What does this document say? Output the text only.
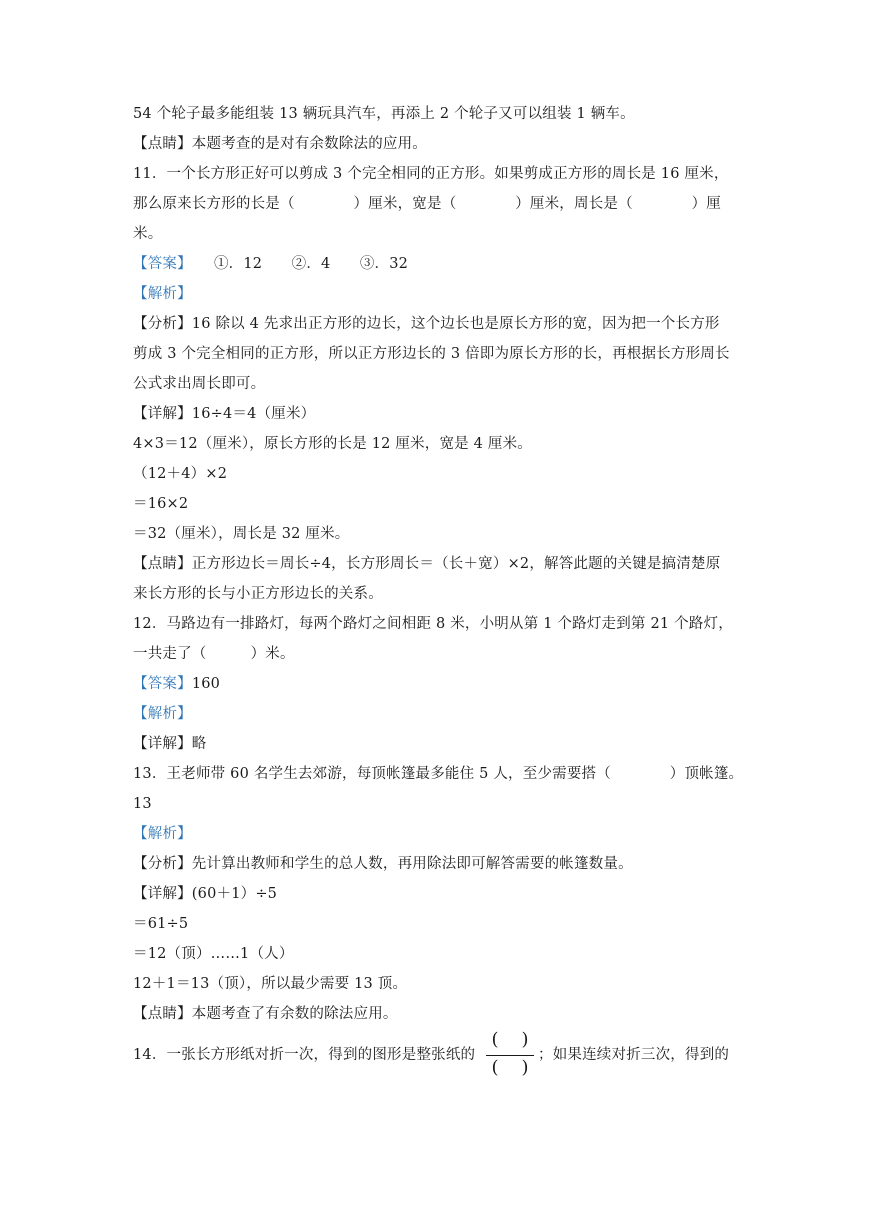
54 个轮子最多能组装 13 辆玩具汽车，再添上 2 个轮子又可以组装 1 辆车。
【点睛】本题考查的是对有余数除法的应用。
11．一个长方形正好可以剪成 3 个完全相同的正方形。如果剪成正方形的周长是 16 厘米，
那么原来长方形的长是（　　　　）厘米，宽是（　　　　）厘米，周长是（　　　　）厘
米。
【答案】　　①．12　　②．4　　③．32
【解析】
【分析】16 除以 4 先求出正方形的边长，这个边长也是原长方形的宽，因为把一个长方形
剪成 3 个完全相同的正方形，所以正方形边长的 3 倍即为原长方形的长，再根据长方形周长
公式求出周长即可。
【详解】16÷4＝4（厘米）
4×3＝12（厘米），原长方形的长是 12 厘米，宽是 4 厘米。
（12＋4）×2
＝16×2
＝32（厘米），周长是 32 厘米。
【点睛】正方形边长＝周长÷4，长方形周长＝（长＋宽）×2，解答此题的关键是搞清楚原
来长方形的长与小正方形边长的关系。
12．马路边有一排路灯，每两个路灯之间相距 8 米，小明从第 1 个路灯走到第 21 个路灯，
一共走了（　　　）米。
【答案】160
【解析】
【详解】略
13．王老师带 60 名学生去郊游，每顶帐篷最多能住 5 人，至少需要搭（　　　　）顶帐篷。
13
【解析】
【分析】先计算出教师和学生的总人数，再用除法即可解答需要的帐篷数量。
【详解】(60＋1）÷5
＝61÷5
＝12（顶）……1（人）
12＋1＝13（顶），所以最少需要 13 顶。
【点睛】本题考查了有余数的除法应用。
14．一张长方形纸对折一次，得到的图形是整张纸的
(    )
(    )
；如果连续对折三次，得到的
